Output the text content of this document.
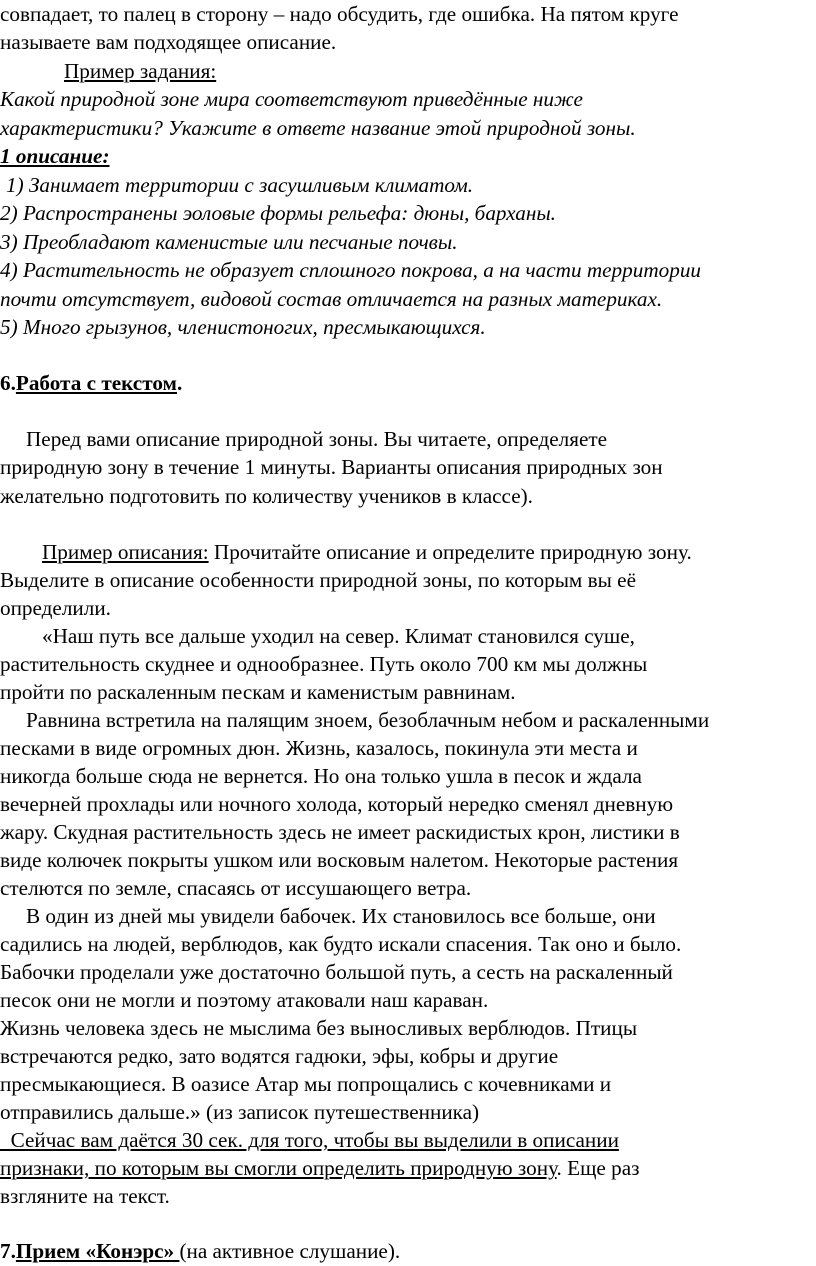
совпадает, то палец в сторону – надо обсудить, где ошибка. На пятом круге
называете вам подходящее описание.
Пример задания:
Какой природной зоне мира соответствуют приведённые ниже
характеристики? Укажите в ответе название этой природной зоны.
1 описание:
1) Занимает территории с засушливым климатом.
2) Распространены эоловые формы рельефа: дюны, барханы.
3) Преобладают каменистые или песчаные почвы.
4) Растительность не образует сплошного покрова, а на части территории
почти отсутствует, видовой состав отличается на разных материках.
5) Много грызунов, членистоногих, пресмыкающихся.
6.Работа с текстом.
Перед вами описание природной зоны. Вы читаете, определяете
природную зону в течение 1 минуты. Варианты описания природных зон
желательно подготовить по количеству учеников в классе).
Пример описания: Прочитайте описание и определите природную зону.
Выделите в описание особенности природной зоны, по которым вы её
определили.
«Наш путь все дальше уходил на север. Климат становился суше,
растительность скуднее и однообразнее. Путь около 700 км мы должны
пройти по раскаленным пескам и каменистым равнинам.
Равнина встретила на палящим зноем, безоблачным небом и раскаленными
песками в виде огромных дюн. Жизнь, казалось, покинула эти места и
никогда больше сюда не вернется. Но она только ушла в песок и ждала
вечерней прохлады или ночного холода, который нередко сменял дневную
жару. Скудная растительность здесь не имеет раскидистых крон, листики в
виде колючек покрыты ушком или восковым налетом. Некоторые растения
стелются по земле, спасаясь от иссушающего ветра.
В один из дней мы увидели бабочек. Их становилось все больше, они
садились на людей, верблюдов, как будто искали спасения. Так оно и было.
Бабочки проделали уже достаточно большой путь, а сесть на раскаленный
песок они не могли и поэтому атаковали наш караван.
Жизнь человека здесь не мыслима без выносливых верблюдов. Птицы
встречаются редко, зато водятся гадюки, эфы, кобры и другие
пресмыкающиеся. В оазисе Атар мы попрощались с кочевниками и
отправились дальше.» (из записок путешественника)
Сейчас вам даётся 30 сек. для того, чтобы вы выделили в описании
признаки, по которым вы смогли определить природную зону. Еще раз
взгляните на текст.
7.Прием «Конэрс» (на активное слушание).
